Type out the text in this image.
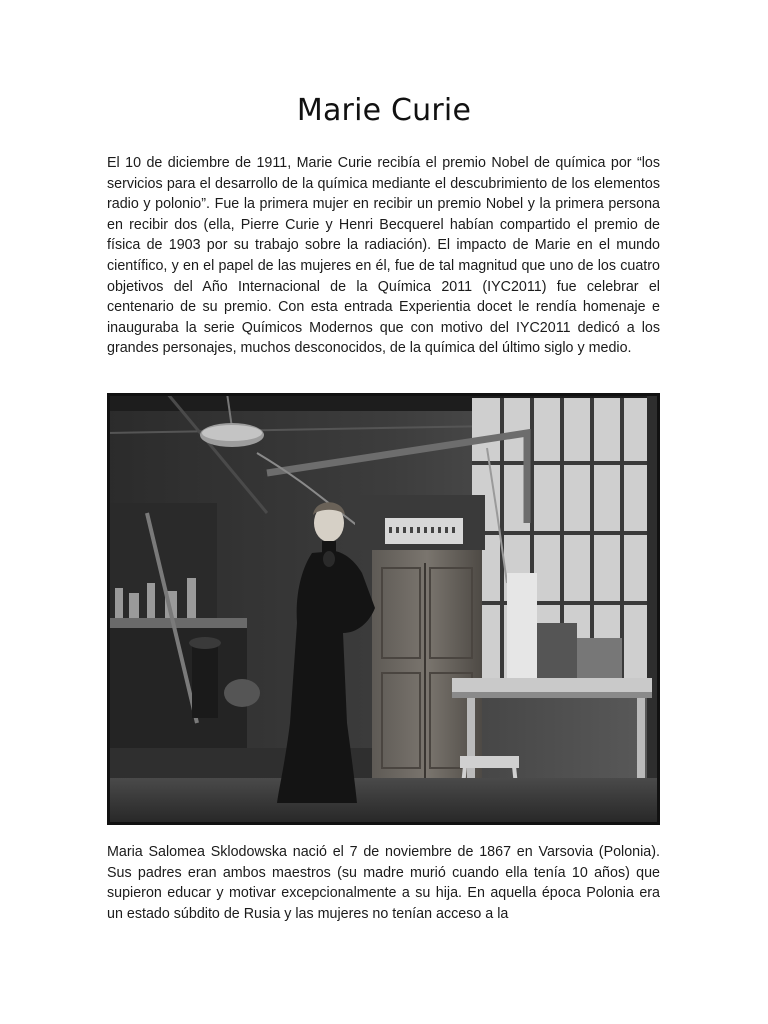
Marie Curie

El 10 de diciembre de 1911, Marie Curie recibía el premio Nobel de química por “los servicios para el desarrollo de la química mediante el descubrimiento de los elementos radio y polonio”. Fue la primera mujer en recibir un premio Nobel y la primera persona en recibir dos (ella, Pierre Curie y Henri Becquerel habían compartido el premio de física de 1903 por su trabajo sobre la radiación). El impacto de Marie en el mundo científico, y en el papel de las mujeres en él, fue de tal magnitud que uno de los cuatro objetivos del Año Internacional de la Química 2011 (IYC2011) fue celebrar el centenario de su premio. Con esta entrada Experientia docet le rendía homenaje e inauguraba la serie Químicos Modernos que con motivo del IYC2011 dedicó a los grandes personajes, muchos desconocidos, de la química del último siglo y medio.

Maria Salomea Sklodowska nació el 7 de noviembre de 1867 en Varsovia (Polonia). Sus padres eran ambos maestros (su madre murió cuando ella tenía 10 años) que supieron educar y motivar excepcionalmente a su hija. En aquella época Polonia era un estado súbdito de Rusia y las mujeres no tenían acceso a la
